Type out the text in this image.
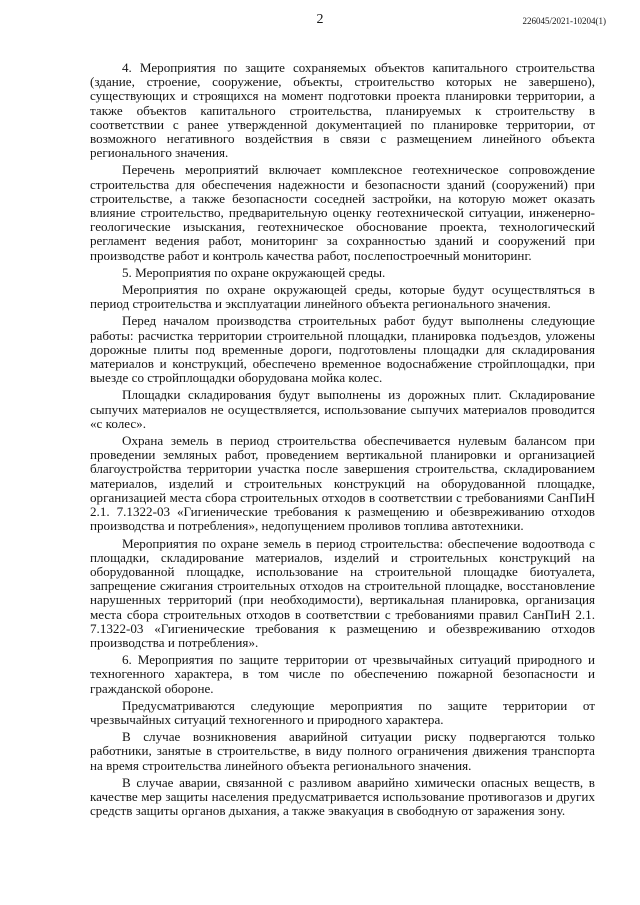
2	226045/2021-10204(1)

4. Мероприятия по защите сохраняемых объектов капитального строительства (здание, строение, сооружение, объекты, строительство которых не завершено), существующих и строящихся на момент подготовки проекта планировки территории, а также объектов капитального строительства, планируемых к строительству в соответствии с ранее утвержденной документацией по планировке территории, от возможного негативного воздействия в связи с размещением линейного объекта регионального значения.

Перечень мероприятий включает комплексное геотехническое сопровождение строительства для обеспечения надежности и безопасности зданий (сооружений) при строительстве, а также безопасности соседней застройки, на которую может оказать влияние строительство, предварительную оценку геотехнической ситуации, инженерно-геологические изыскания, геотехническое обоснование проекта, технологический регламент ведения работ, мониторинг за сохранностью зданий и сооружений при производстве работ и контроль качества работ, послепостроечный мониторинг.

5. Мероприятия по охране окружающей среды.

Мероприятия по охране окружающей среды, которые будут осуществляться в период строительства и эксплуатации линейного объекта регионального значения.

Перед началом производства строительных работ будут выполнены следующие работы: расчистка территории строительной площадки, планировка подъездов, уложены дорожные плиты под временные дороги, подготовлены площадки для складирования материалов и конструкций, обеспечено временное водоснабжение стройплощадки, при выезде со стройплощадки оборудована мойка колес.

Площадки складирования будут выполнены из дорожных плит. Складирование сыпучих материалов не осуществляется, использование сыпучих материалов проводится «с колес».

Охрана земель в период строительства обеспечивается нулевым балансом при проведении земляных работ, проведением вертикальной планировки и организацией благоустройства территории участка после завершения строительства, складированием материалов, изделий и строительных конструкций на оборудованной площадке, организацией места сбора строительных отходов в соответствии с требованиями СанПиН 2.1. 7.1322-03 «Гигиенические требования к размещению и обезвреживанию отходов производства и потребления», недопущением проливов топлива автотехники.

Мероприятия по охране земель в период строительства: обеспечение водоотвода с площадки, складирование материалов, изделий и строительных конструкций на оборудованной площадке, использование на строительной площадке биотуалета, запрещение сжигания строительных отходов на строительной площадке, восстановление нарушенных территорий (при необходимости), вертикальная планировка, организация места сбора строительных отходов в соответствии с требованиями правил СанПиН 2.1. 7.1322-03 «Гигиенические требования к размещению и обезвреживанию отходов производства и потребления».

6. Мероприятия по защите территории от чрезвычайных ситуаций природного и техногенного характера, в том числе по обеспечению пожарной безопасности и гражданской обороне.

Предусматриваются следующие мероприятия по защите территории от чрезвычайных ситуаций техногенного и природного характера.

В случае возникновения аварийной ситуации риску подвергаются только работники, занятые в строительстве, в виду полного ограничения движения транспорта на время строительства линейного объекта регионального значения.

В случае аварии, связанной с разливом аварийно химически опасных веществ, в качестве мер защиты населения предусматривается использование противогазов и других средств защиты органов дыхания, а также эвакуация в свободную от заражения зону.
